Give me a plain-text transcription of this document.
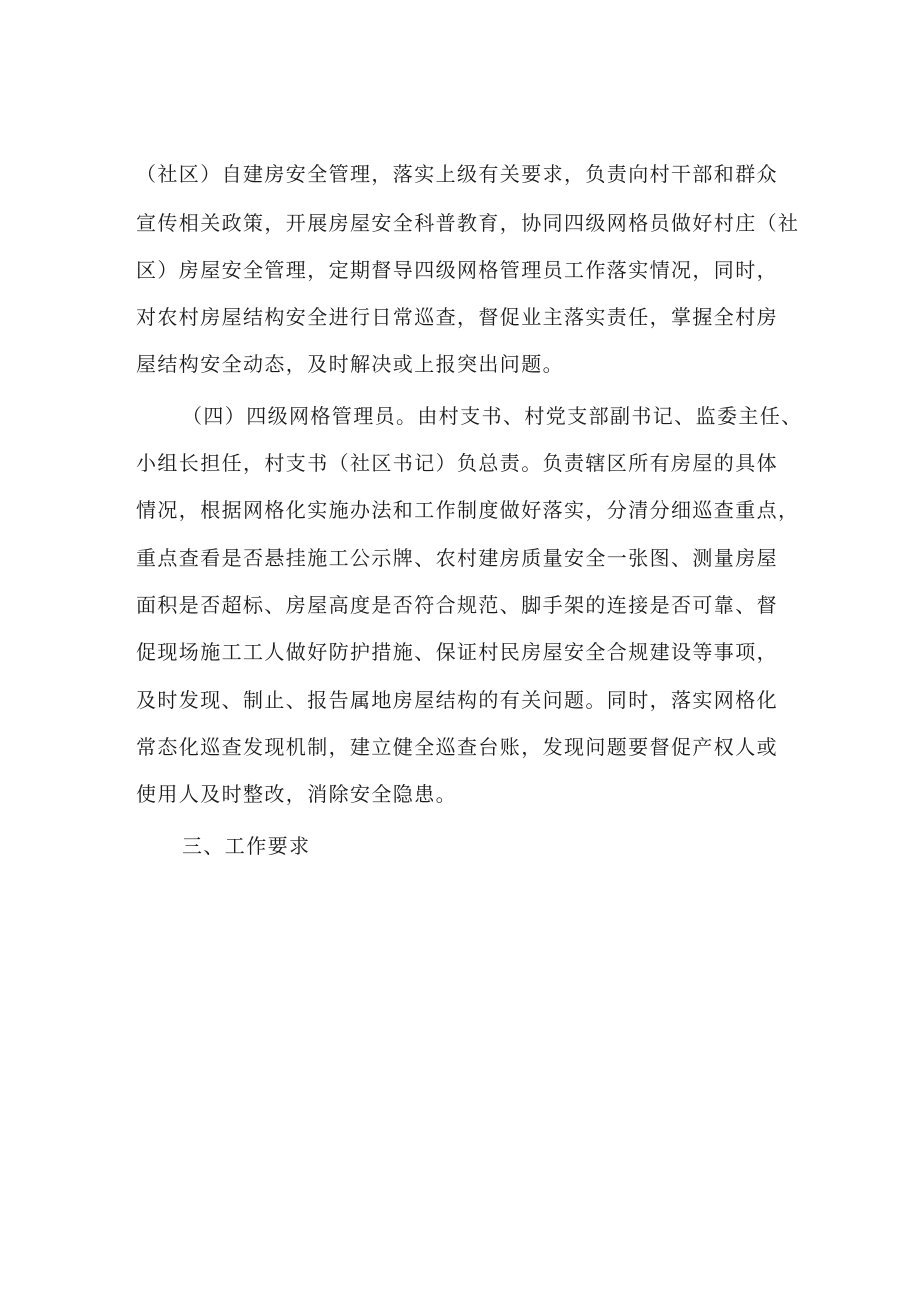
（社区）自建房安全管理，落实上级有关要求，负责向村干部和群众
宣传相关政策，开展房屋安全科普教育，协同四级网格员做好村庄（社
区）房屋安全管理，定期督导四级网格管理员工作落实情况，同时，
对农村房屋结构安全进行日常巡查，督促业主落实责任，掌握全村房
屋结构安全动态，及时解决或上报突出问题。
（四）四级网格管理员。由村支书、村党支部副书记、监委主任、
小组长担任，村支书（社区书记）负总责。负责辖区所有房屋的具体
情况，根据网格化实施办法和工作制度做好落实，分清分细巡查重点，
重点查看是否悬挂施工公示牌、农村建房质量安全一张图、测量房屋
面积是否超标、房屋高度是否符合规范、脚手架的连接是否可靠、督
促现场施工工人做好防护措施、保证村民房屋安全合规建设等事项，
及时发现、制止、报告属地房屋结构的有关问题。同时，落实网格化
常态化巡查发现机制，建立健全巡查台账，发现问题要督促产权人或
使用人及时整改，消除安全隐患。
三、工作要求
